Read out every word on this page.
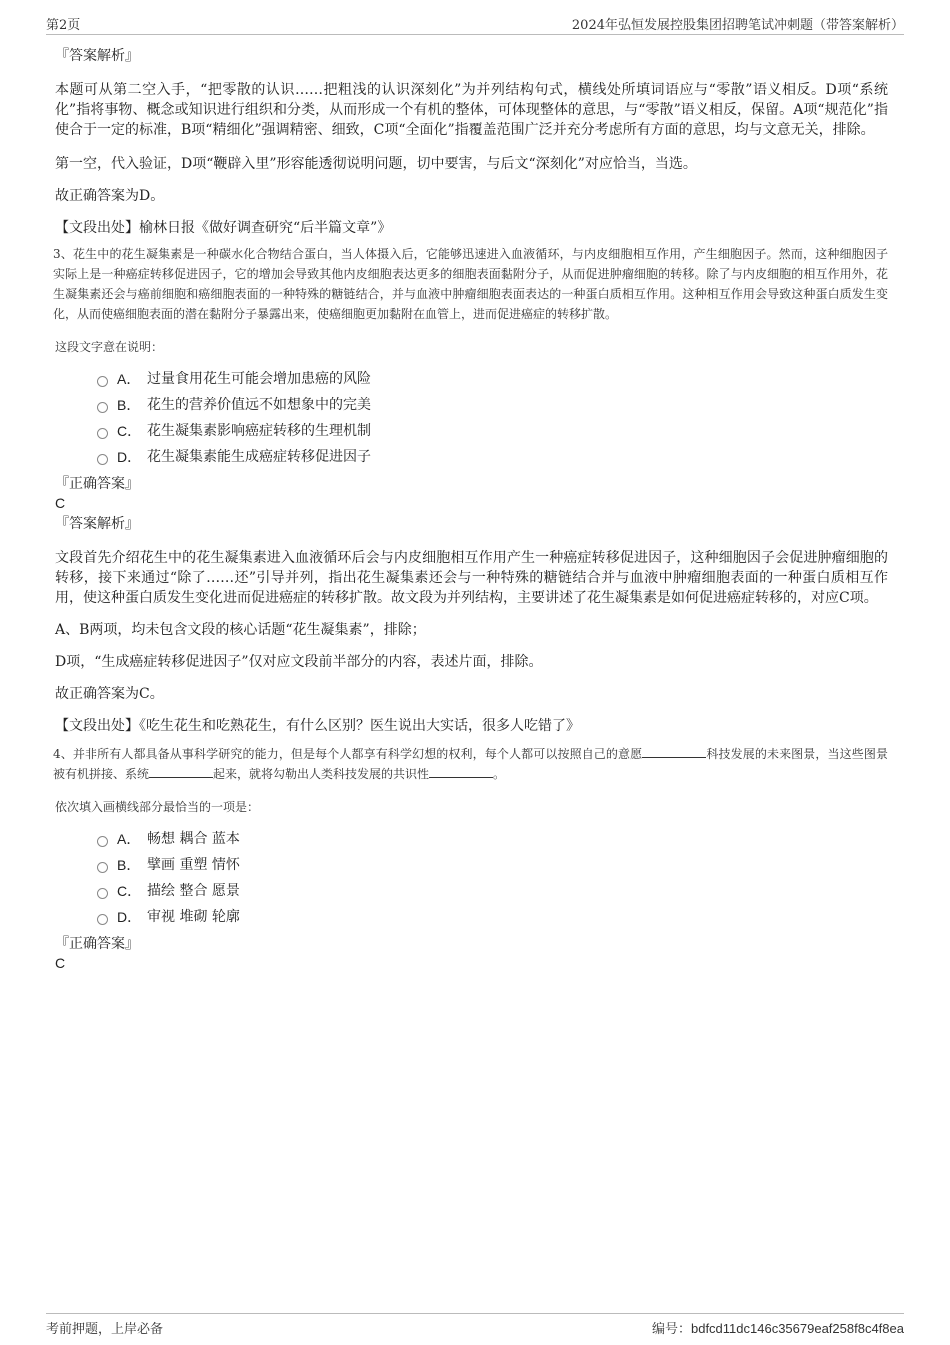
第2页	2024年弘恒发展控股集团招聘笔试冲刺题（带答案解析）

『答案解析』

本题可从第二空入手，“把零散的认识……把粗浅的认识深刻化”为并列结构句式，横线处所填词语应与“零散”语义相反。D项“系统化”指将事物、概念或知识进行组织和分类，从而形成一个有机的整体，可体现整体的意思，与“零散”语义相反，保留。A项“规范化”指使合于一定的标准，B项“精细化”强调精密、细致，C项“全面化”指覆盖范围广泛并充分考虑所有方面的意思，均与文意无关，排除。

第一空，代入验证，D项“鞭辟入里”形容能透彻说明问题，切中要害，与后文“深刻化”对应恰当，当选。

故正确答案为D。

【文段出处】榆林日报《做好调查研究“后半篇文章”》

3、花生中的花生凝集素是一种碳水化合物结合蛋白，当人体摄入后，它能够迅速进入血液循环，与内皮细胞相互作用，产生细胞因子。然而，这种细胞因子实际上是一种癌症转移促进因子，它的增加会导致其他内皮细胞表达更多的细胞表面黏附分子，从而促进肿瘤细胞的转移。除了与内皮细胞的相互作用外，花生凝集素还会与癌前细胞和癌细胞表面的一种特殊的糖链结合，并与血液中肿瘤细胞表面表达的一种蛋白质相互作用。这种相互作用会导致这种蛋白质发生变化，从而使癌细胞表面的潜在黏附分子暴露出来，使癌细胞更加黏附在血管上，进而促进癌症的转移扩散。

这段文字意在说明：

A． 过量食用花生可能会增加患癌的风险
B． 花生的营养价值远不如想象中的完美
C． 花生凝集素影响癌症转移的生理机制
D． 花生凝集素能生成癌症转移促进因子

『正确答案』

C

『答案解析』

文段首先介绍花生中的花生凝集素进入血液循环后会与内皮细胞相互作用产生一种癌症转移促进因子，这种细胞因子会促进肿瘤细胞的转移，接下来通过“除了……还”引导并列，指出花生凝集素还会与一种特殊的糖链结合并与血液中肿瘤细胞表面的一种蛋白质相互作用，使这种蛋白质发生变化进而促进癌症的转移扩散。故文段为并列结构，主要讲述了花生凝集素是如何促进癌症转移的，对应C项。

A、B两项，均未包含文段的核心话题“花生凝集素”，排除；

D项，“生成癌症转移促进因子”仅对应文段前半部分的内容，表述片面，排除。

故正确答案为C。

【文段出处】《吃生花生和吃熟花生，有什么区别？医生说出大实话，很多人吃错了》

4、并非所有人都具备从事科学研究的能力，但是每个人都享有科学幻想的权利，每个人都可以按照自己的意愿	科技发展的未来图景，当这些图景被有机拼接、系统	起来，就将勾勒出人类科技发展的共识性	。

依次填入画横线部分最恰当的一项是：

A． 畅想 耦合 蓝本
B． 擘画 重塑 情怀
C． 描绘 整合 愿景
D． 审视 堆砌 轮廓

『正确答案』

C

考前押题，上岸必备	编号：bdfcd11dc146c35679eaf258f8c4f8ea
